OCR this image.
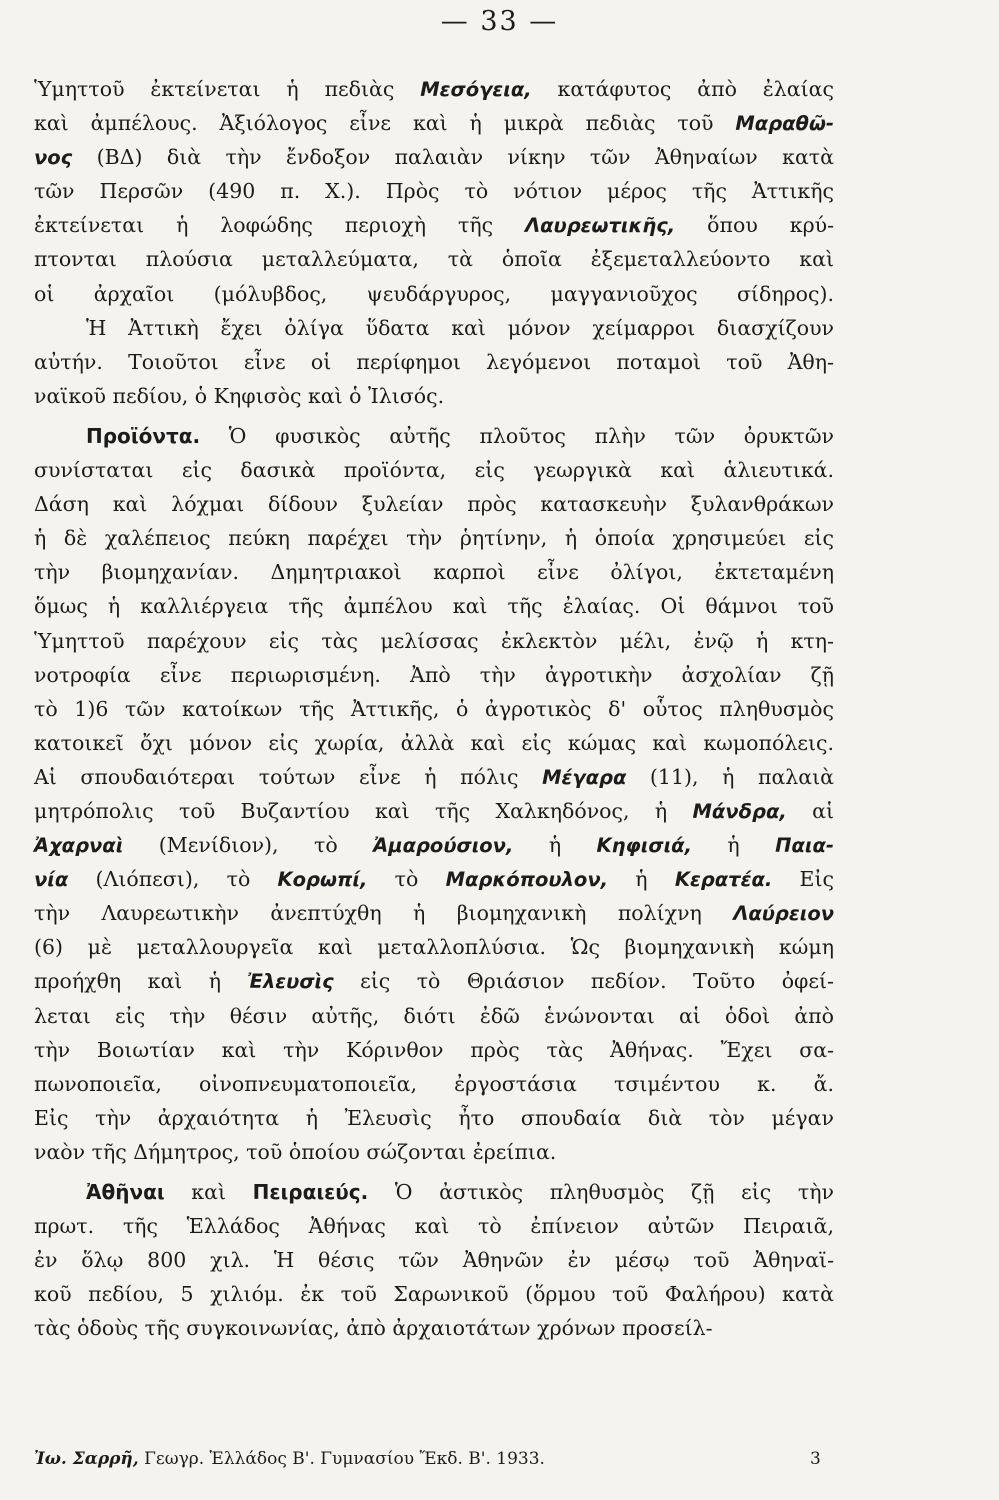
— 33 —
Ὑμηττοῦ ἐκτείνεται ἡ πεδιὰς Μεσόγεια, κατάφυτος ἀπὸ ἐλαίας
καὶ ἀμπέλους. Ἀξιόλογος εἶνε καὶ ἡ μικρὰ πεδιὰς τοῦ Μαραθῶ-
νος (ΒΔ) διὰ τὴν ἔνδοξον παλαιὰν νίκην τῶν Ἀθηναίων κατὰ
τῶν Περσῶν (490 π. Χ.). Πρὸς τὸ νότιον μέρος τῆς Ἀττικῆς
ἐκτείνεται ἡ λοφώδης περιοχὴ τῆς Λαυρεωτικῆς, ὅπου κρύ-
πτονται πλούσια μεταλλεύματα, τὰ ὁποῖα ἐξεμεταλλεύοντο καὶ
οἱ ἀρχαῖοι (μόλυβδος, ψευδάργυρος, μαγγανιοῦχος σίδηρος).
Ἡ Ἀττικὴ ἔχει ὀλίγα ὕδατα καὶ μόνον χείμαρροι διασχίζουν
αὐτήν. Τοιοῦτοι εἶνε οἱ περίφημοι λεγόμενοι ποταμοὶ τοῦ Ἀθη-
ναϊκοῦ πεδίου, ὁ Κηφισὸς καὶ ὁ Ἰλισός.
Προϊόντα. Ὁ φυσικὸς αὐτῆς πλοῦτος πλὴν τῶν ὀρυκτῶν
συνίσταται εἰς δασικὰ προϊόντα, εἰς γεωργικὰ καὶ ἁλιευτικά.
Δάση καὶ λόχμαι δίδουν ξυλείαν πρὸς κατασκευὴν ξυλανθράκων
ἡ δὲ χαλέπειος πεύκη παρέχει τὴν ῥητίνην, ἡ ὁποία χρησιμεύει εἰς
τὴν βιομηχανίαν. Δημητριακοὶ καρποὶ εἶνε ὀλίγοι, ἐκτεταμένη
ὅμως ἡ καλλιέργεια τῆς ἀμπέλου καὶ τῆς ἐλαίας. Οἱ θάμνοι τοῦ
Ὑμηττοῦ παρέχουν εἰς τὰς μελίσσας ἐκλεκτὸν μέλι, ἐνῷ ἡ κτη-
νοτροφία εἶνε περιωρισμένη. Ἀπὸ τὴν ἀγροτικὴν ἀσχολίαν ζῇ
τὸ 1)6 τῶν κατοίκων τῆς Ἀττικῆς, ὁ ἀγροτικὸς δ' οὗτος πληθυσμὸς
κατοικεῖ ὄχι μόνον εἰς χωρία, ἀλλὰ καὶ εἰς κώμας καὶ κωμοπόλεις.
Αἱ σπουδαιότεραι τούτων εἶνε ἡ πόλις Μέγαρα (11), ἡ παλαιὰ
μητρόπολις τοῦ Βυζαντίου καὶ τῆς Χαλκηδόνος, ἡ Μάνδρα, αἱ
Ἀχαρναὶ (Μενίδιον), τὸ Ἀμαρούσιον, ἡ Κηφισιά, ἡ Παια-
νία (Λιόπεσι), τὸ Κορωπί, τὸ Μαρκόπουλον, ἡ Κερατέα. Εἰς
τὴν Λαυρεωτικὴν ἀνεπτύχθη ἡ βιομηχανικὴ πολίχνη Λαύρειον
(6) μὲ μεταλλουργεῖα καὶ μεταλλοπλύσια. Ὡς βιομηχανικὴ κώμη
προήχθη καὶ ἡ Ἐλευσὶς εἰς τὸ Θριάσιον πεδίον. Τοῦτο ὀφεί-
λεται εἰς τὴν θέσιν αὐτῆς, διότι ἐδῶ ἑνώνονται αἱ ὁδοὶ ἀπὸ
τὴν Βοιωτίαν καὶ τὴν Κόρινθον πρὸς τὰς Ἀθήνας. Ἔχει σα-
πωνοποιεῖα, οἰνοπνευματοποιεῖα, ἐργοστάσια τσιμέντου κ. ἄ.
Εἰς τὴν ἀρχαιότητα ἡ Ἐλευσὶς ἦτο σπουδαία διὰ τὸν μέγαν
ναὸν τῆς Δήμητρος, τοῦ ὁποίου σώζονται ἐρείπια.
Ἀθῆναι καὶ Πειραιεύς. Ὁ ἀστικὸς πληθυσμὸς ζῇ εἰς τὴν
πρωτ. τῆς Ἑλλάδος Ἀθήνας καὶ τὸ ἐπίνειον αὐτῶν Πειραιᾶ,
ἐν ὅλῳ 800 χιλ. Ἡ θέσις τῶν Ἀθηνῶν ἐν μέσῳ τοῦ Ἀθηναϊ-
κοῦ πεδίου, 5 χιλιόμ. ἐκ τοῦ Σαρωνικοῦ (ὅρμου τοῦ Φαλήρου) κατὰ
τὰς ὁδοὺς τῆς συγκοινωνίας, ἀπὸ ἀρχαιοτάτων χρόνων προσείλ-
Ἰω. Σαρρῆ, Γεωγρ. Ἑλλάδος Β'. Γυμνασίου Ἔκδ. Β'. 1933.	3
